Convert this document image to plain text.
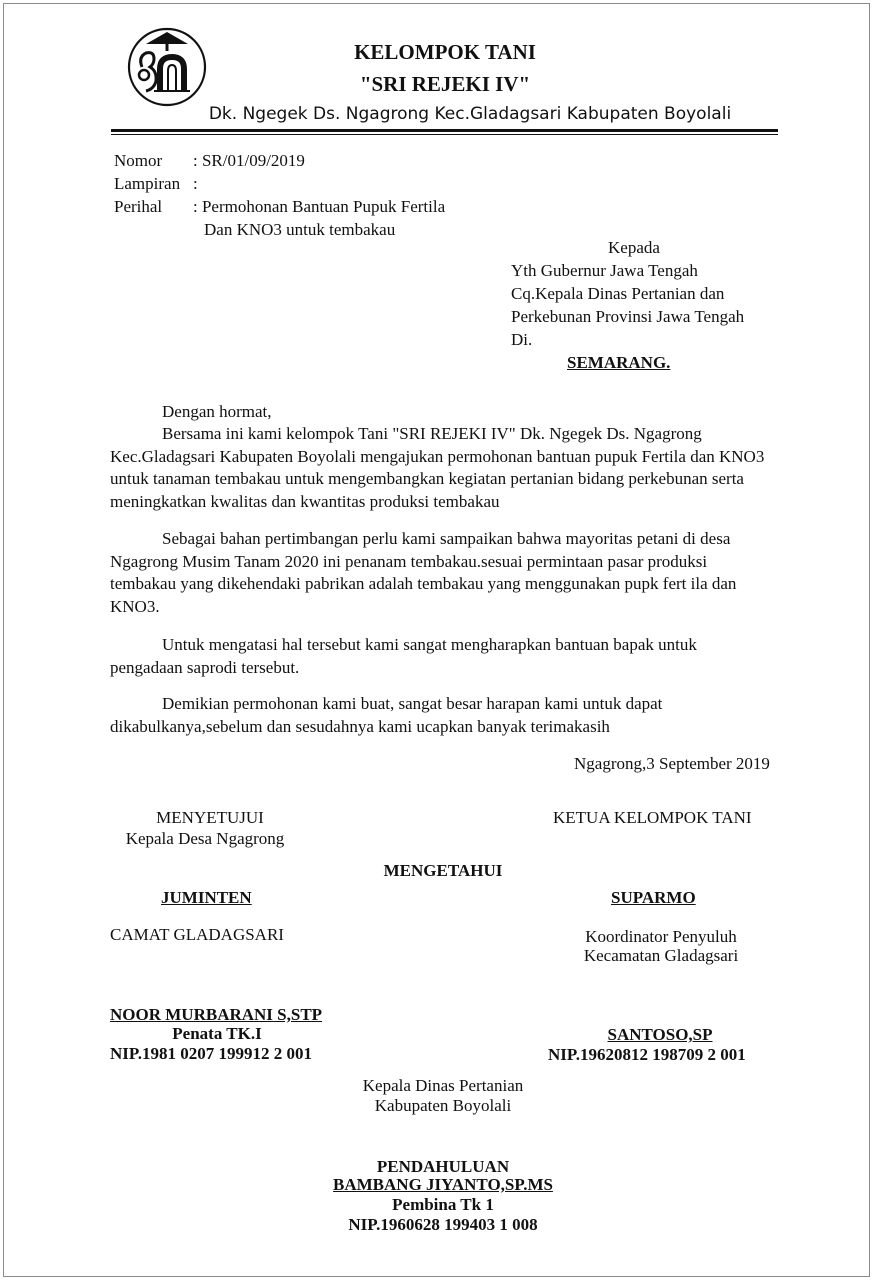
KELOMPOK TANI
"SRI REJEKI IV"
Dk. Ngegek Ds. Ngagrong Kec.Gladagsari Kabupaten Boyolali
Nomor : SR/01/09/2019
Lampiran :
Perihal : Permohonan Bantuan Pupuk Fertila
Dan KNO3 untuk tembakau
Kepada
Yth Gubernur Jawa Tengah
Cq.Kepala Dinas Pertanian dan
Perkebunan Provinsi Jawa Tengah
Di.
SEMARANG.
Dengan hormat,
Bersama ini kami kelompok Tani "SRI REJEKI IV" Dk. Ngegek Ds. Ngagrong
Kec.Gladagsari Kabupaten Boyolali mengajukan permohonan bantuan pupuk Fertila dan KNO3
untuk tanaman tembakau untuk mengembangkan kegiatan pertanian bidang perkebunan serta
meningkatkan kwalitas dan kwantitas produksi tembakau
Sebagai bahan pertimbangan perlu kami sampaikan bahwa mayoritas petani di desa
Ngagrong Musim Tanam 2020 ini penanam tembakau.sesuai permintaan pasar produksi
tembakau yang dikehendaki pabrikan adalah tembakau yang menggunakan pupk fert ila dan
KNO3.
Untuk mengatasi hal tersebut kami sangat mengharapkan bantuan bapak untuk
pengadaan saprodi tersebut.
Demikian permohonan kami buat, sangat besar harapan kami untuk dapat
dikabulkanya,sebelum dan sesudahnya kami ucapkan banyak terimakasih
Ngagrong,3 September 2019
MENYETUJUI
Kepala Desa Ngagrong
KETUA KELOMPOK TANI
MENGETAHUI
JUMINTEN	SUPARMO
CAMAT GLADAGSARI	Koordinator Penyuluh
Kecamatan Gladagsari
NOOR MURBARANI S,STP
Penata TK.I
NIP.1981 0207 199912 2 001
SANTOSO,SP
NIP.19620812 198709 2 001
Kepala Dinas Pertanian
Kabupaten Boyolali
PENDAHULUAN
BAMBANG JIYANTO,SP.MS
Pembina Tk 1
NIP.1960628 199403 1 008
